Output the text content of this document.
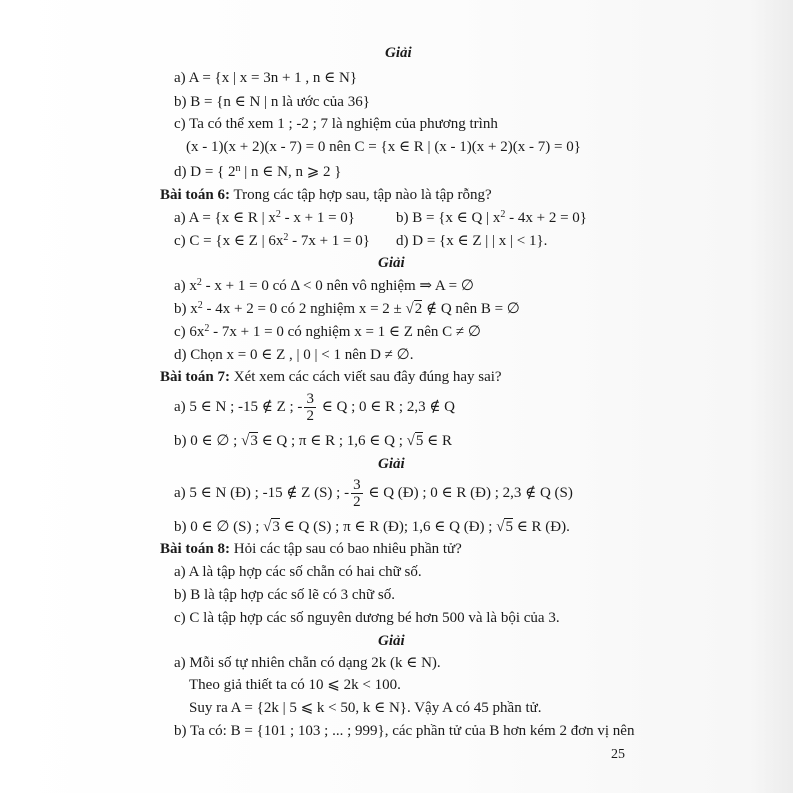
Giải
a) A = {x | x = 3n + 1 , n ∈ N}
b) B = {n ∈ N | n là ước của 36}
c) Ta có thể xem 1 ; -2 ; 7 là nghiệm của phương trình
(x - 1)(x + 2)(x - 7) = 0 nên C = {x ∈ R | (x - 1)(x + 2)(x - 7) = 0}
d) D = { 2$^n$ | n ∈ N, n ⩾ 2 }
Bài toán 6: Trong các tập hợp sau, tập nào là tập rỗng?
a) A = {x ∈ R | $x^2 - x + 1 = 0$}	b) B = {x ∈ Q | $x^2 - 4x + 2 = 0$}
c) C = {x ∈ Z | $6x^2 - 7x + 1 = 0$} d) D = {x ∈ Z | | x | < 1}.
Giải
a) $x^2 - x + 1 = 0$ có Δ < 0 nên vô nghiệm ⇒ A = ∅
b) $x^2 - 4x + 2 = 0$ có 2 nghiệm x = 2 ± √2 ∉ Q nên B = ∅
c) $6x^2 - 7x + 1 = 0$ có nghiệm x = 1 ∈ Z nên C ≠ ∅
d) Chọn x = 0 ∈ Z , | 0 | < 1 nên D ≠ ∅.
Bài toán 7: Xét xem các cách viết sau đây đúng hay sai?
a) 5 ∈ N ; -15 ∉ Z ; - $\frac{3}{2}$ ∈ Q ; 0 ∈ R ; 2,3 ∉ Q
b) 0 ∈ ∅ ; √3 ∈ Q ; π ∈ R ; 1,6 ∈ Q ; √5 ∈ R
Giải
a) 5 ∈ N (Đ) ; -15 ∉ Z (S) ; - $\frac{3}{2}$ ∈ Q (Đ) ; 0 ∈ R (Đ) ; 2,3 ∉ Q (S)
b) 0 ∈ ∅ (S) ; √3 ∈ Q (S) ; π ∈ R (Đ); 1,6 ∈ Q (Đ) ; √5 ∈ R (Đ).
Bài toán 8: Hỏi các tập sau có bao nhiêu phần tử?
a) A là tập hợp các số chẵn có hai chữ số.
b) B là tập hợp các số lẽ có 3 chữ số.
c) C là tập hợp các số nguyên dương bé hơn 500 và là bội của 3.
Giải
a) Mỗi số tự nhiên chẵn có dạng 2k (k ∈ N).
Theo giả thiết ta có 10 ⩽ 2k < 100.
Suy ra A = {2k | 5 ⩽ k < 50, k ∈ N}. Vậy A có 45 phần tử.
b) Ta có: B = {101 ; 103 ; ... ; 999}, các phần tử của B hơn kém 2 đơn vị nên
25
